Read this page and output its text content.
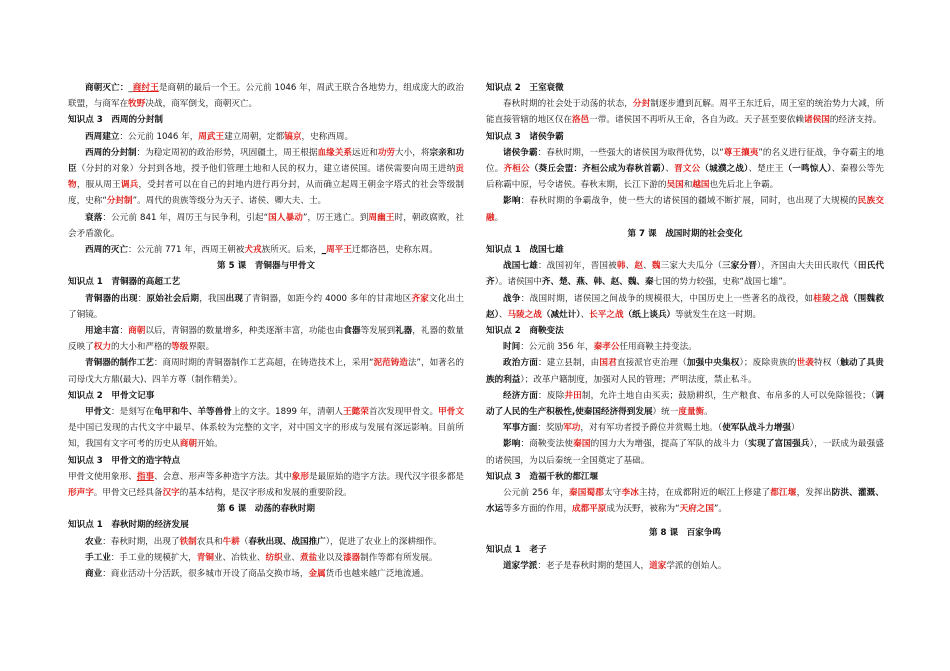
商朝灭亡：_商纣王是商朝的最后一个王。公元前 1046 年，周武王联合各地势力，组成庞大的政治联盟，与商军在牧野决战，商军倒戈，商朝灭亡。

知识点 3　西周的分封制

西周建立：公元前 1046 年，周武王建立周朝，定都镐京，史称西周。

西周的分封制：为稳定周初的政治形势，巩固疆土，周王根据血缘关系远近和功劳大小，将宗亲和功臣（分封的对象）分封到各地，授予他们管理土地和人民的权力，建立诸侯国。诸侯需要向周王进纳贡物，服从周王调兵，受封者可以在自己的封地内进行再分封，从而确立起周王朝金字塔式的社会等级制度，史称“分封制”。周代的贵族等级分为天子、诸侯、卿大夫、士。

衰落：公元前 841 年，周厉王与民争利，引起“国人暴动”，厉王逃亡。到周幽王时，朝政腐败，社会矛盾激化。

西周的灭亡：公元前 771 年，西周王朝被犬戎族所灭。后来，_周平王迁都洛邑，史称东周。

第 5 课　青铜器与甲骨文

知识点 1　青铜器的高超工艺

青铜器的出现：原始社会后期，我国出现了青铜器，如距今约 4000 多年的甘肃地区齐家文化出土了铜镜。

用途丰富：商朝以后，青铜器的数量增多，种类逐渐丰富，功能也由食器等发展到礼器，礼器的数量反映了权力的大小和严格的等级界限。

青铜器的制作工艺：商周时期的青铜器制作工艺高超，在铸造技术上，采用“泥范铸造法”，如著名的司母戊大方鼎(最大)、四羊方尊（制作精美）。

知识点 2　甲骨文记事

甲骨文：是刻写在龟甲和牛、羊等兽骨上的文字。1899 年，清朝人王懿荣首次发现甲骨文。甲骨文是中国已发现的古代文字中最早、体系较为完整的文字，对中国文字的形成与发展有深远影响。目前所知，我国有文字可考的历史从商朝开始。

知识点 3　甲骨文的造字特点

甲骨文使用象形、指事、会意、形声等多种造字方法。其中象形是最原始的造字方法。现代汉字很多都是形声字。甲骨文已经具备汉字的基本结构，是汉字形成和发展的重要阶段。

第 6 课　动荡的春秋时期

知识点 1　春秋时期的经济发展

农业：春秋时期，出现了铁制农具和牛耕（春秋出现、战国推广），促进了农业上的深耕细作。

手工业：手工业的规模扩大，青铜业、冶铁业、纺织业、煮盐业以及漆器制作等都有所发展。

商业：商业活动十分活跃，很多城市开设了商品交换市场，金属货币也越来越广泛地流通。

知识点 2　王室衰微

春秋时期的社会处于动荡的状态，分封制逐步遭到瓦解。周平王东迁后，周王室的统治势力大减，所能直接管辖的地区仅在洛邑一带。诸侯国不再听从王命，各自为政。天子甚至要依赖诸侯国的经济支持。

知识点 3　诸侯争霸

诸侯争霸：春秋时期，一些强大的诸侯国为取得优势，以“尊王攘夷”的名义进行征战，争夺霸主的地位。齐桓公（葵丘会盟：齐桓公成为春秋首霸）、晋文公（城濮之战）、楚庄王（一鸣惊人）、秦穆公等先后称霸中原，号令诸侯。春秋末期，长江下游的吴国和越国也先后北上争霸。

影响：春秋时期的争霸战争，使一些大的诸侯国的疆域不断扩展，同时，也出现了大规模的民族交融。

第 7 课　战国时期的社会变化

知识点 1　战国七雄

战国七雄：战国初年，晋国被韩、赵、魏三家大夫瓜分（三家分晋），齐国由大夫田氏取代（田氏代齐）。诸侯国中齐、楚、燕、韩、赵、魏、秦七国的势力较强，史称“战国七雄”。

战争：战国时期，诸侯国之间战争的规模很大，中国历史上一些著名的战役，如桂陵之战（围魏救赵）、马陵之战（减灶计）、长平之战（纸上谈兵）等就发生在这一时期。

知识点 2　商鞅变法

时间：公元前 356 年，秦孝公任用商鞅主持变法。

政治方面：建立县制，由国君直接派官吏治理（加强中央集权）；废除贵族的世袭特权（触动了具贵族的利益）；改革户籍制度，加强对人民的管理；严明法度，禁止私斗。

经济方面：废除井田制，允许土地自由买卖；鼓励耕织，生产粮食、布帛多的人可以免除徭役；（调动了人民的生产积极性,使秦国经济得到发展）统一度量衡。

军事方面：奖励军功，对有军功者授予爵位并赏赐土地。（使军队战斗力增强）

影响：商鞅变法使秦国的国力大为增强，提高了军队的战斗力（实现了富国强兵），一跃成为最强盛的诸侯国，为以后秦统一全国奠定了基础。

知识点 3　造福千秋的都江堰

公元前 256 年，秦国蜀郡太守李冰主持，在成都附近的岷江上修建了都江堰，发挥出防洪、灌溉、水运等多方面的作用，成都平原成为沃野，被称为“天府之国”。

第 8 课　百家争鸣

知识点 1　老子

道家学派：老子是春秋时期的楚国人，道家学派的创始人。
